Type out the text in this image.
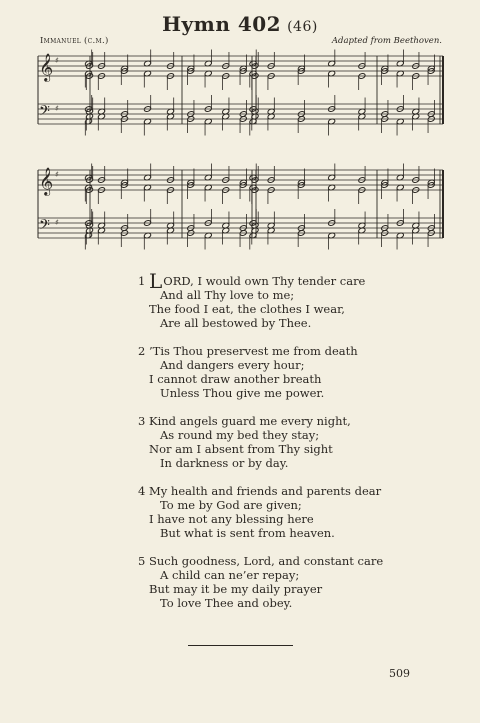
Hymn 402 (46)
Immanuel (c.m.)	Adapted from Beethoven.
𝄞 ♯
𝄢 ♯
𝄞 ♯
𝄢 ♯
1 LORD, I would own Thy tender care
And all Thy love to me;
The food I eat, the clothes I wear,
Are all bestowed by Thee.
2 ’Tis Thou preservest me from death
And dangers every hour;
I cannot draw another breath
Unless Thou give me power.
3 Kind angels guard me every night,
As round my bed they stay;
Nor am I absent from Thy sight
In darkness or by day.
4 My health and friends and parents dear
To me by God are given;
I have not any blessing here
But what is sent from heaven.
5 Such goodness, Lord, and constant care
A child can ne’er repay;
But may it be my daily prayer
To love Thee and obey.
509
